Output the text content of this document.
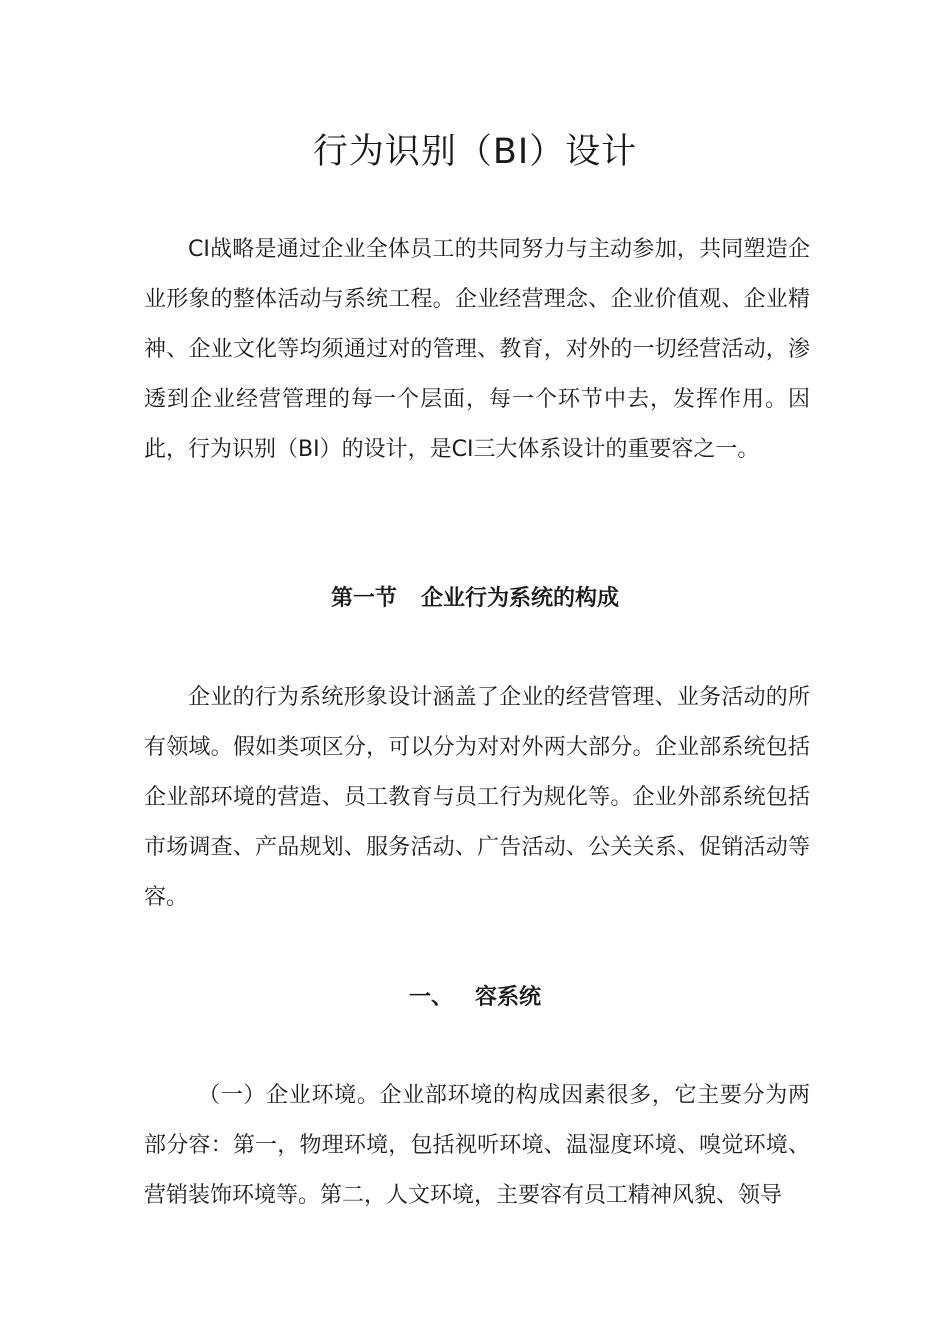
行为识别（BI）设计

CI战略是通过企业全体员工的共同努力与主动参加，共同塑造企业形象的整体活动与系统工程。企业经营理念、企业价值观、企业精神、企业文化等均须通过对的管理、教育，对外的一切经营活动，渗透到企业经营管理的每一个层面，每一个环节中去，发挥作用。因此，行为识别（BI）的设计，是CI三大体系设计的重要容之一。

第一节 企业行为系统的构成

企业的行为系统形象设计涵盖了企业的经营管理、业务活动的所有领域。假如类项区分，可以分为对对外两大部分。企业部系统包括企业部环境的营造、员工教育与员工行为规化等。企业外部系统包括市场调查、产品规划、服务活动、广告活动、公关关系、促销活动等容。

一、 容系统

（一）企业环境。企业部环境的构成因素很多，它主要分为两部分容：第一，物理环境，包括视听环境、温湿度环境、嗅觉环境、营销装饰环境等。第二，人文环境，主要容有员工精神风貌、领导
